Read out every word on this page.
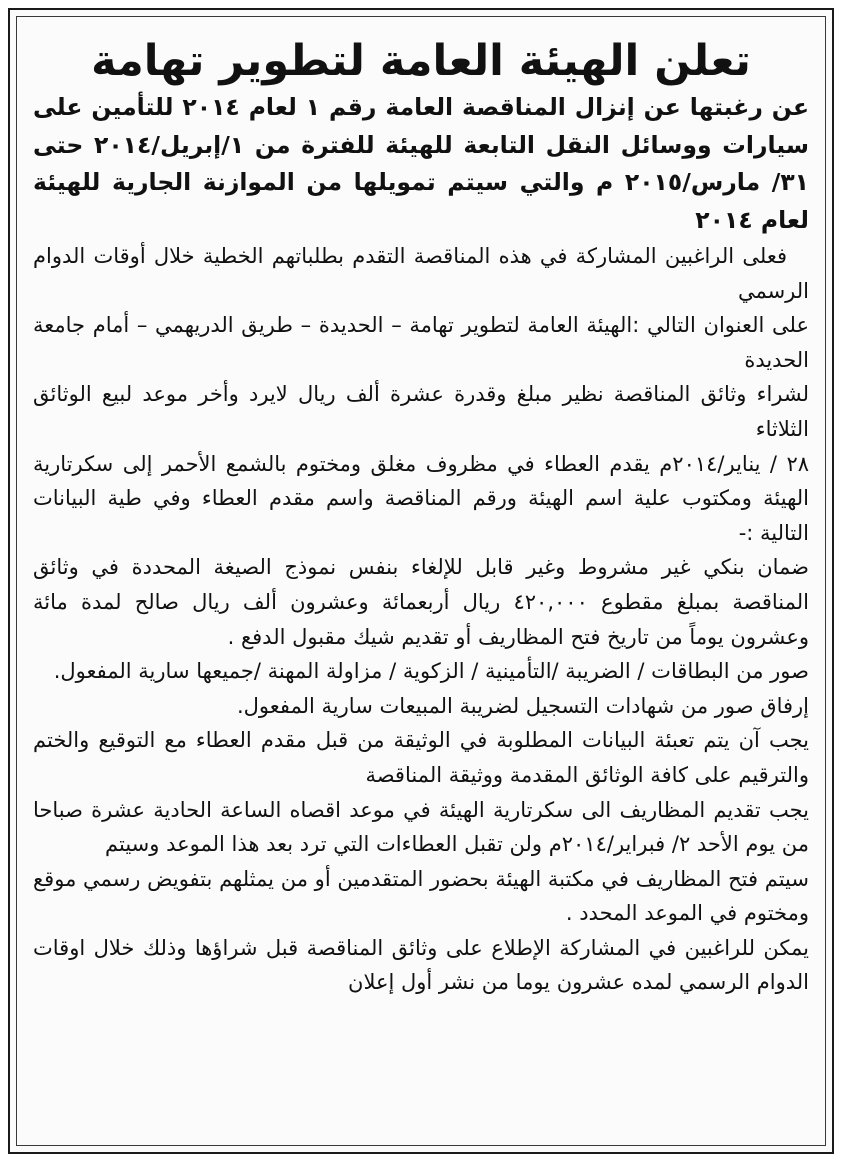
تعلن الهيئة العامة لتطوير تهامة

عن رغبتها عن إنزال المناقصة العامة رقم ١ لعام ٢٠١٤ للتأمين على سيارات ووسائل النقل التابعة للهيئة للفترة من ١/إبريل/٢٠١٤ حتى ٣١/ مارس/٢٠١٥ م والتي سيتم تمويلها من الموازنة الجارية للهيئة لعام ٢٠١٤

فعلى الراغبين المشاركة في هذه المناقصة التقدم بطلباتهم الخطية خلال أوقات الدوام الرسمي

على العنوان التالي :الهيئة العامة لتطوير تهامة – الحديدة – طريق الدريهمي – أمام جامعة الحديدة

لشراء وثائق المناقصة نظير مبلغ وقدرة عشرة ألف ريال لايرد وأخر موعد لبيع الوثائق الثلاثاء

٢٨ / يناير/٢٠١٤م يقدم العطاء في مظروف مغلق ومختوم بالشمع الأحمر إلى سكرتارية الهيئة ومكتوب علية اسم الهيئة ورقم المناقصة واسم مقدم العطاء وفي طية البيانات التالية :-

ضمان بنكي غير مشروط وغير قابل للإلغاء بنفس نموذج الصيغة المحددة في وثائق المناقصة بمبلغ مقطوع ٤٢٠,٠٠٠ ريال أربعمائة وعشرون ألف ريال صالح لمدة مائة وعشرون يوماً من تاريخ فتح المظاريف أو تقديم شيك مقبول الدفع .

صور من البطاقات / الضريبة /التأمينية / الزكوية / مزاولة المهنة /جميعها سارية المفعول.

إرفاق صور من شهادات التسجيل لضريبة المبيعات سارية المفعول.

يجب آن يتم تعبئة البيانات المطلوبة في الوثيقة من قبل مقدم العطاء مع التوقيع والختم والترقيم على كافة الوثائق المقدمة ووثيقة المناقصة

يجب تقديم المظاريف الى سكرتارية الهيئة في موعد اقصاه الساعة الحادية عشرة صباحا من يوم الأحد ٢/ فبراير/٢٠١٤م ولن تقبل العطاءات التي ترد بعد هذا الموعد وسيتم

سيتم فتح المظاريف في مكتبة الهيئة بحضور المتقدمين أو من يمثلهم بتفويض رسمي موقع ومختوم في الموعد المحدد .

يمكن للراغبين في المشاركة الإطلاع على وثائق المناقصة قبل شراؤها وذلك خلال اوقات الدوام الرسمي لمده عشرون يوما من نشر أول إعلان
